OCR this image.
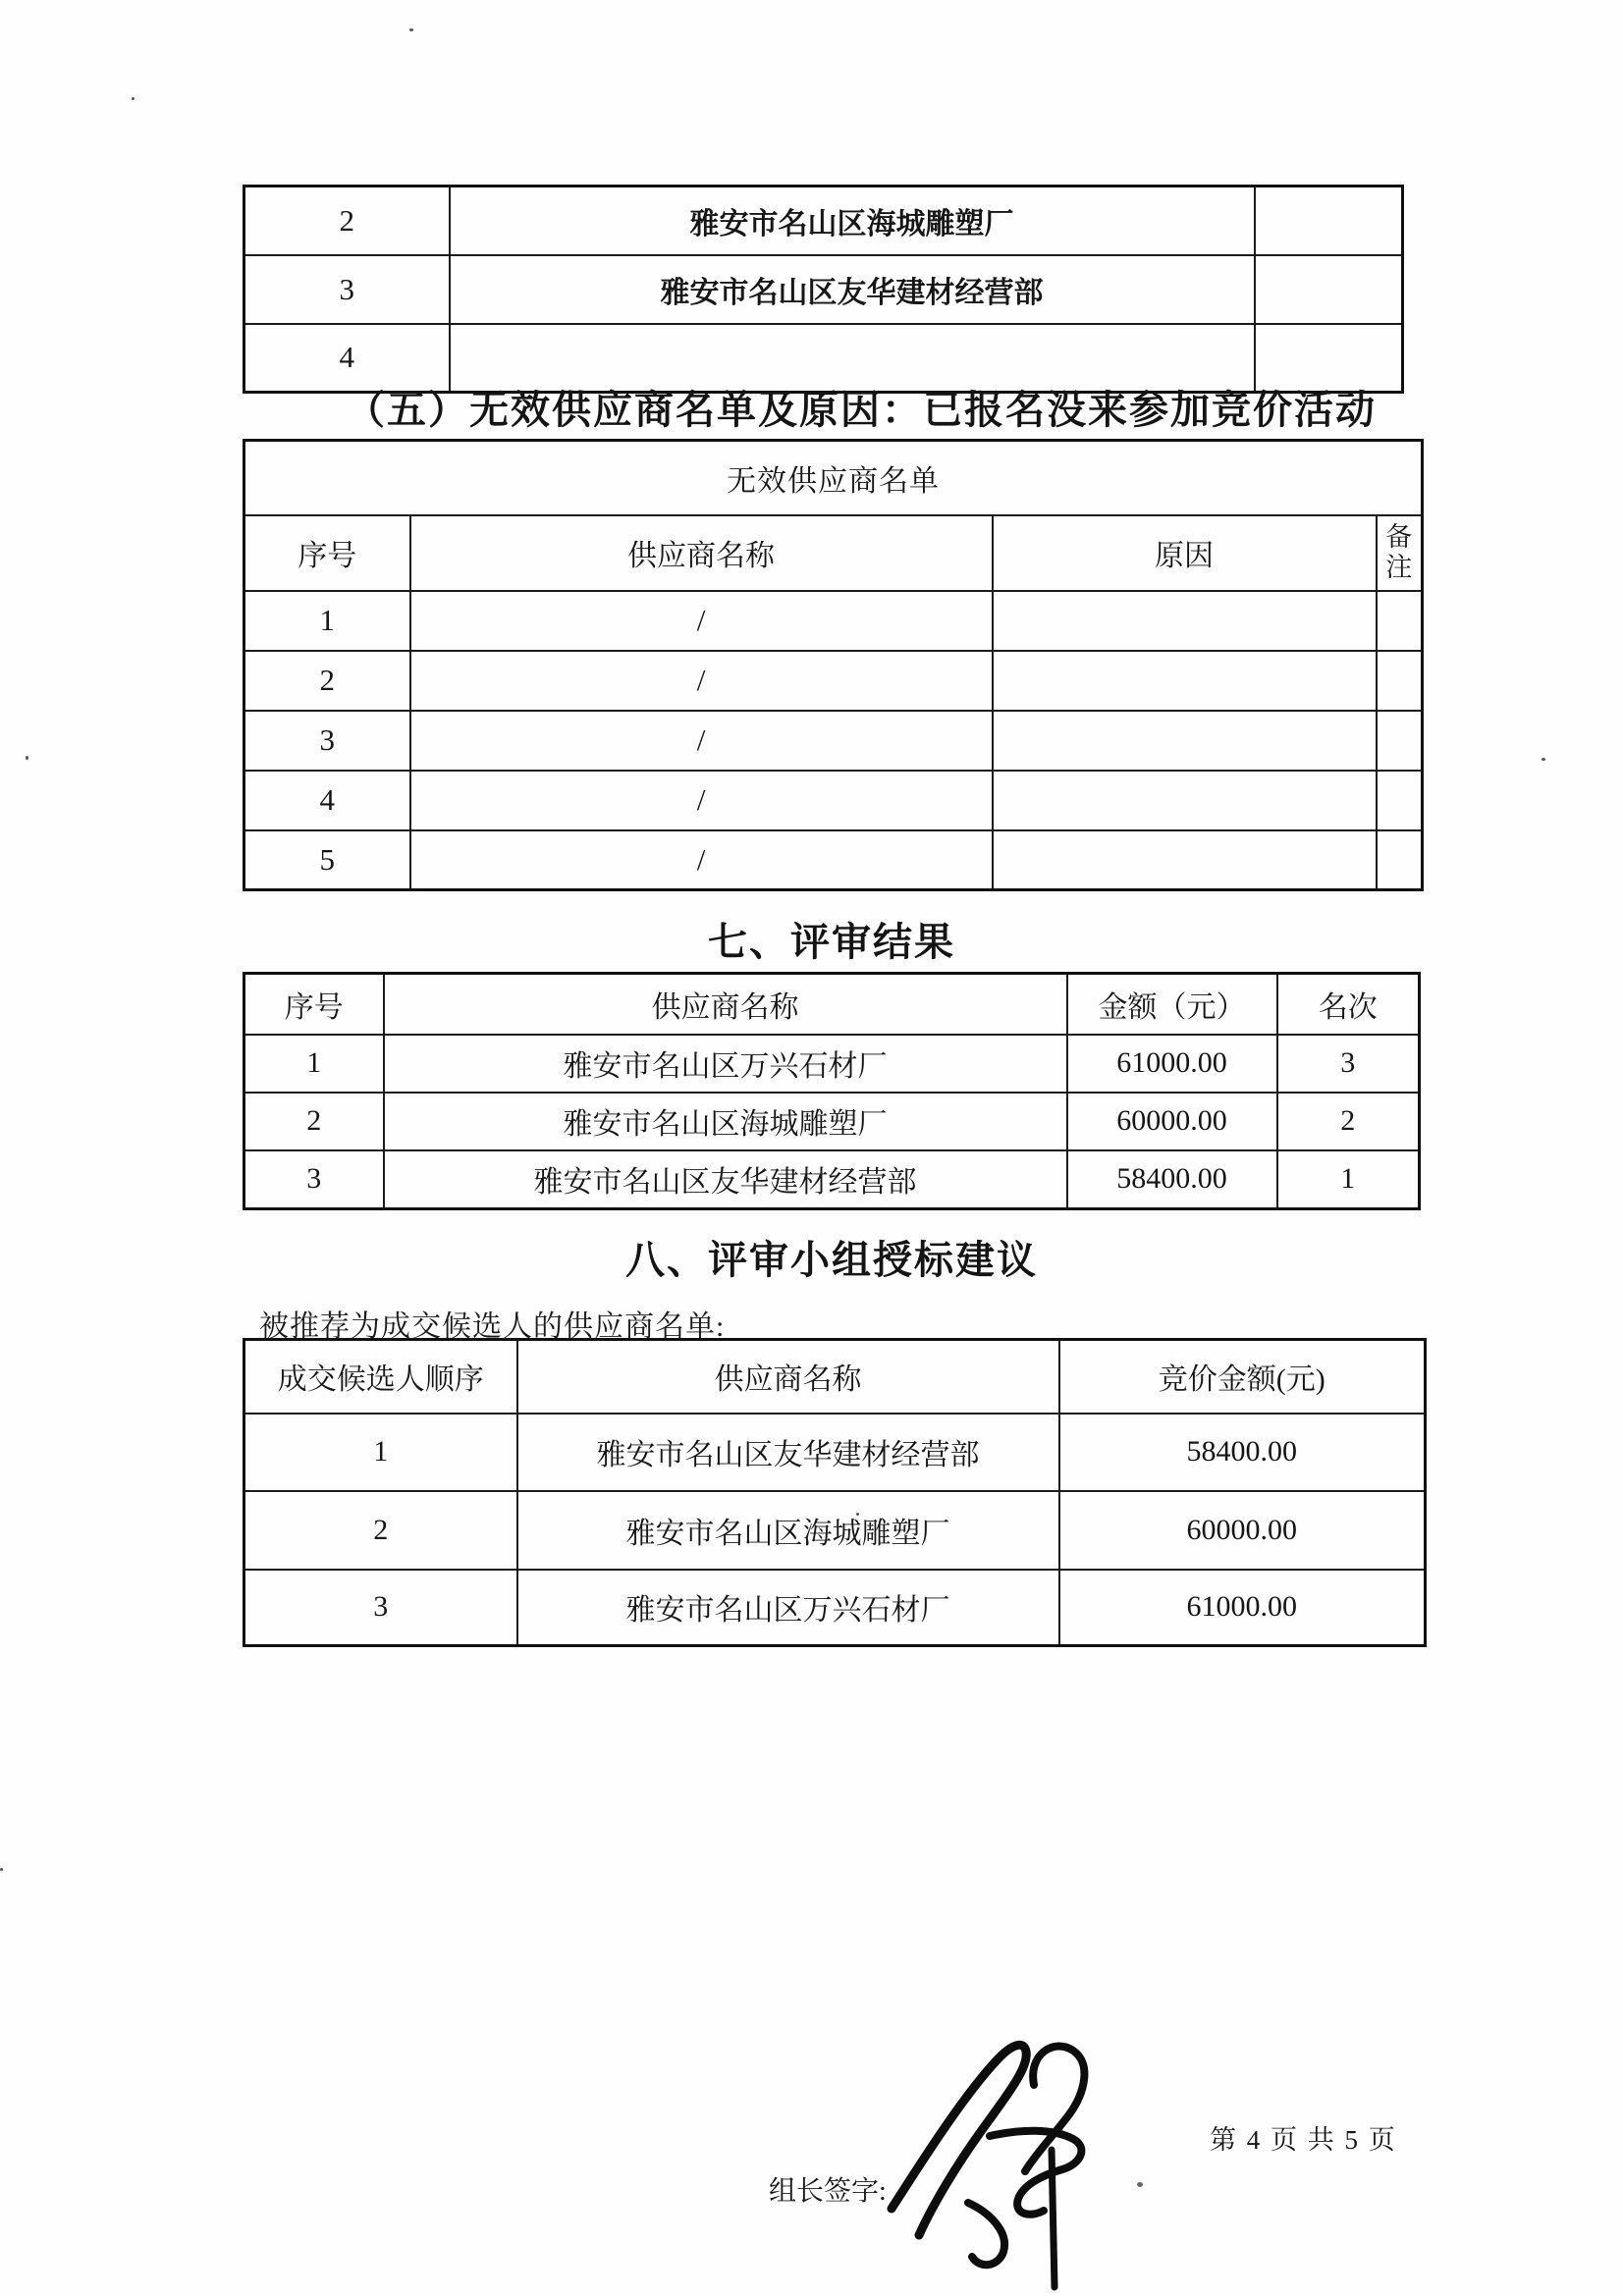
2	雅安市名山区海城雕塑厂	
3	雅安市名山区友华建材经营部	
4		
（五）无效供应商名单及原因：已报名没来参加竞价活动
无效供应商名单			
序号	供应商名称	原因	备
注
1	/		
2	/		
3	/		
4	/		
5	/		
七、评审结果
序号	供应商名称	金额（元）	名次
1	雅安市名山区万兴石材厂	61000.00	3
2	雅安市名山区海城雕塑厂	60000.00	2
3	雅安市名山区友华建材经营部	58400.00	1
八、评审小组授标建议
被推荐为成交候选人的供应商名单:
成交候选人顺序	供应商名称	竞价金额(元)
1	雅安市名山区友华建材经营部	58400.00
2	雅安市名山区海城雕塑厂	60000.00
3	雅安市名山区万兴石材厂	61000.00
组长签字:
第 4 页 共 5 页
